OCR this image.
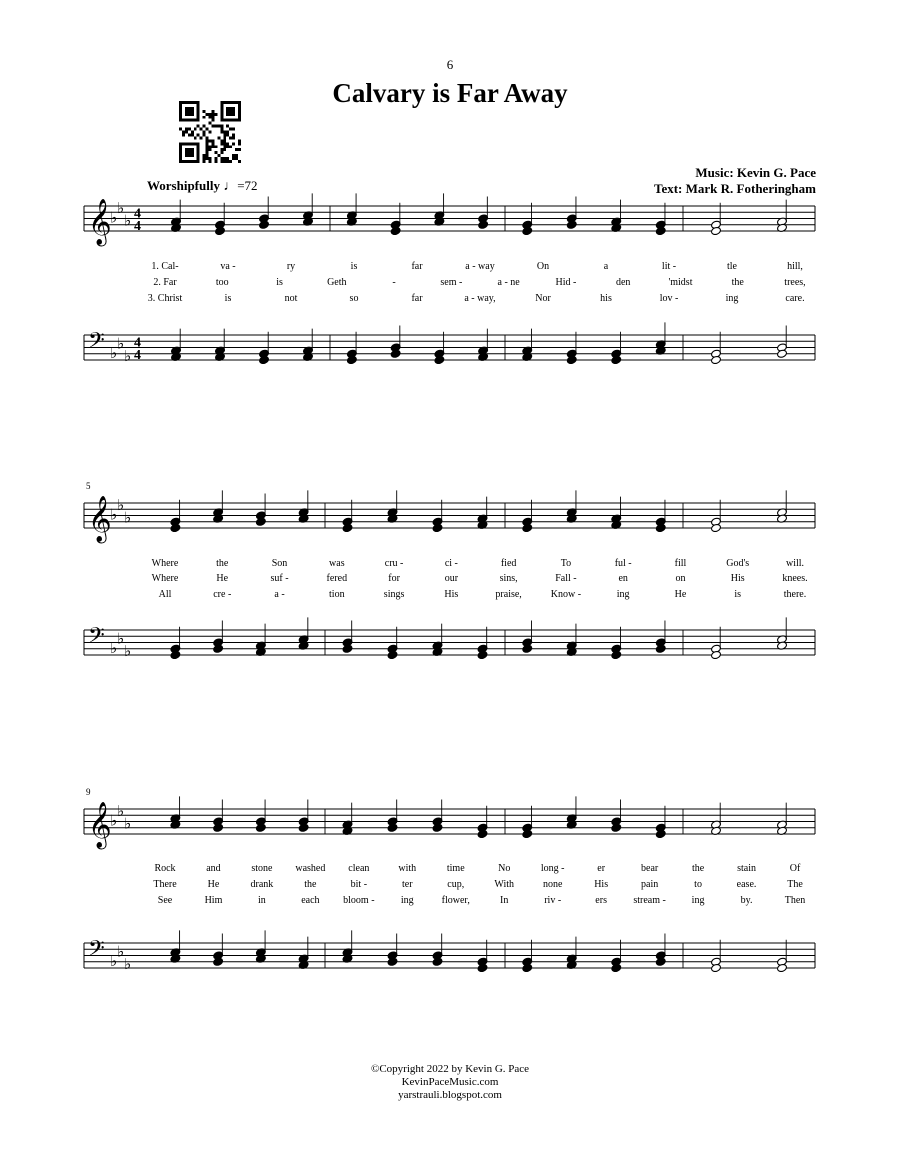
6
Calvary is Far Away
Music: Kevin G. Pace
Text: Mark R. Fotheringham
Worshipfully ♩=72
𝄞
♭
♭
♭
𝄢 ♭
♭
♭
4
4
4
4
𝄞
♭
♭
♭
𝄢 ♭
♭
♭
𝄞
♭
♭
♭
𝄢 ♭
♭
♭
1. Cal-	va -	ry	is	far	a - way	On	a	lit -	tle	hill,
2. Far	too	is	Geth	-	sem -	a - ne	Hid -	den	'midst	the	trees,
3. Christ	is	not	so	far	a - way,	Nor	his	lov -	ing	care.
Where	the	Son	was	cru -	ci -	fied	To	ful -	fill	God's	will.
Where	He	suf -	fered	for	our	sins,	Fall -	en	on	His	knees.
All	cre -	a -	tion	sings	His	praise,	Know -	ing	He	is	there.
Rock	and	stone washed clean	with	time	No	long -	er	bear	the	stain	Of
There	He	drank	the	bit -	ter	cup,	With	none	His	pain	to	ease.	The
See	Him	in	each bloom -	ing	flower,	In	riv -	ers	stream -	ing	by.	Then
5
9
©Copyright 2022 by Kevin G. Pace
KevinPaceMusic.com
yarstrauli.blogspot.com
